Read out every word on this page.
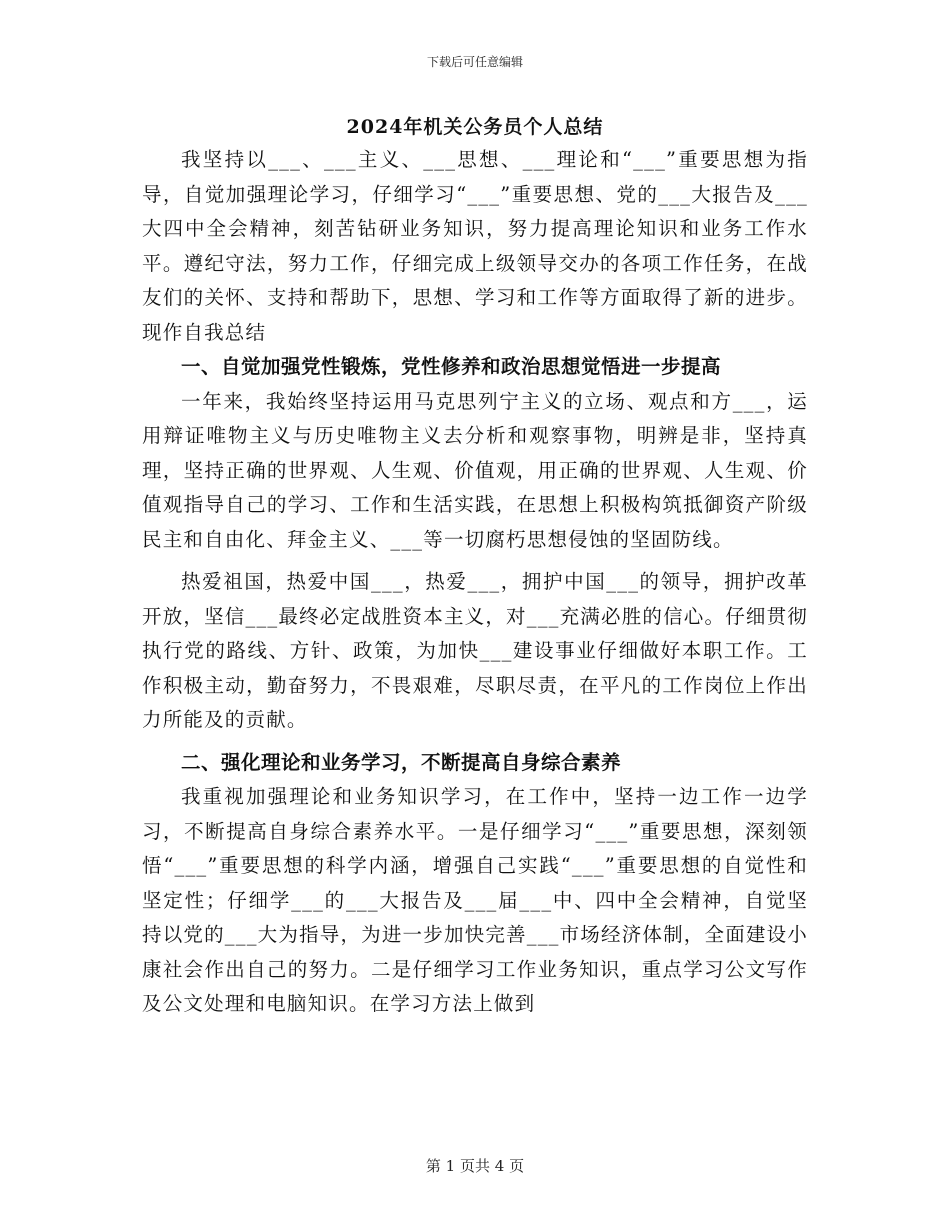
下载后可任意编辑
2024年机关公务员个人总结

我坚持以___、___主义、___思想、___理论和“___”重要思想为指导，自觉加强理论学习，仔细学习“___”重要思想、党的___大报告及___大四中全会精神，刻苦钻研业务知识，努力提高理论知识和业务工作水平。遵纪守法，努力工作，仔细完成上级领导交办的各项工作任务，在战友们的关怀、支持和帮助下，思想、学习和工作等方面取得了新的进步。现作自我总结

一、自觉加强党性锻炼，党性修养和政治思想觉悟进一步提高

一年来，我始终坚持运用马克思列宁主义的立场、观点和方___，运用辩证唯物主义与历史唯物主义去分析和观察事物，明辨是非，坚持真理，坚持正确的世界观、人生观、价值观，用正确的世界观、人生观、价值观指导自己的学习、工作和生活实践，在思想上积极构筑抵御资产阶级民主和自由化、拜金主义、___等一切腐朽思想侵蚀的坚固防线。

热爱祖国，热爱中国___，热爱___，拥护中国___的领导，拥护改革开放，坚信___最终必定战胜资本主义，对___充满必胜的信心。仔细贯彻执行党的路线、方针、政策，为加快___建设事业仔细做好本职工作。工作积极主动，勤奋努力，不畏艰难，尽职尽责，在平凡的工作岗位上作出力所能及的贡献。

二、强化理论和业务学习，不断提高自身综合素养

我重视加强理论和业务知识学习，在工作中，坚持一边工作一边学习，不断提高自身综合素养水平。一是仔细学习“___”重要思想，深刻领悟“___”重要思想的科学内涵，增强自己实践“___”重要思想的自觉性和坚定性；仔细学___的___大报告及___届___中、四中全会精神，自觉坚持以党的___大为指导，为进一步加快完善___市场经济体制，全面建设小康社会作出自己的努力。二是仔细学习工作业务知识，重点学习公文写作及公文处理和电脑知识。在学习方法上做到

第 1 页共 4 页
